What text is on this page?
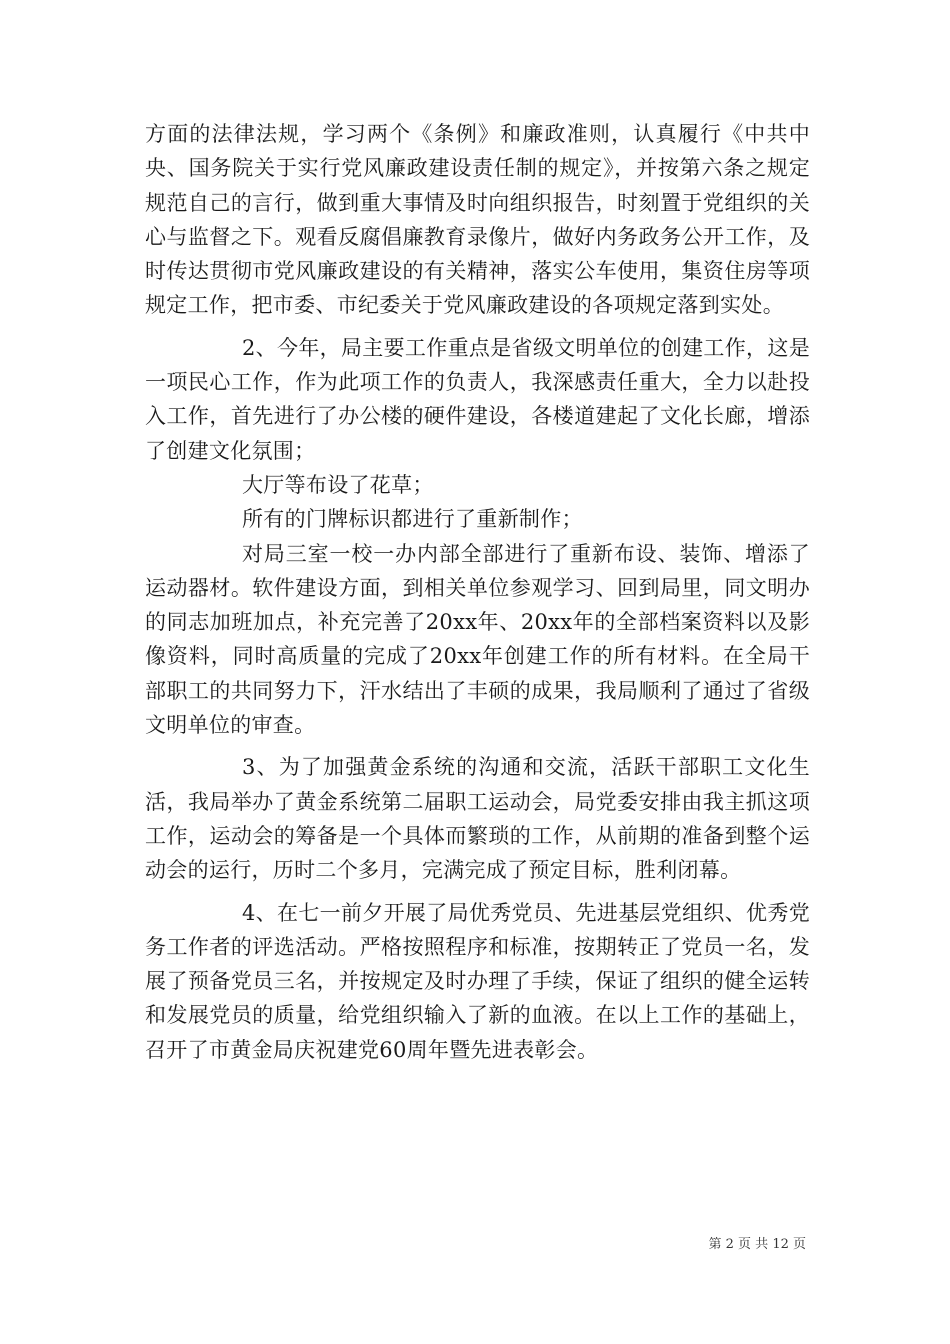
方面的法律法规，学习两个《条例》和廉政准则，认真履行《中共中央、国务院关于实行党风廉政建设责任制的规定》，并按第六条之规定规范自己的言行，做到重大事情及时向组织报告，时刻置于党组织的关心与监督之下。观看反腐倡廉教育录像片，做好内务政务公开工作，及时传达贯彻市党风廉政建设的有关精神，落实公车使用，集资住房等项规定工作，把市委、市纪委关于党风廉政建设的各项规定落到实处。

2、今年，局主要工作重点是省级文明单位的创建工作，这是一项民心工作，作为此项工作的负责人，我深感责任重大，全力以赴投入工作，首先进行了办公楼的硬件建设，各楼道建起了文化长廊，增添了创建文化氛围；

大厅等布设了花草；

所有的门牌标识都进行了重新制作；

对局三室一校一办内部全部进行了重新布设、装饰、增添了运动器材。软件建设方面，到相关单位参观学习、回到局里，同文明办的同志加班加点，补充完善了20xx年、20xx年的全部档案资料以及影像资料，同时高质量的完成了20xx年创建工作的所有材料。在全局干部职工的共同努力下，汗水结出了丰硕的成果，我局顺利了通过了省级文明单位的审查。

3、为了加强黄金系统的沟通和交流，活跃干部职工文化生活，我局举办了黄金系统第二届职工运动会，局党委安排由我主抓这项工作，运动会的筹备是一个具体而繁琐的工作，从前期的准备到整个运动会的运行，历时二个多月，完满完成了预定目标，胜利闭幕。

4、在七一前夕开展了局优秀党员、先进基层党组织、优秀党务工作者的评选活动。严格按照程序和标准，按期转正了党员一名，发展了预备党员三名，并按规定及时办理了手续，保证了组织的健全运转和发展党员的质量，给党组织输入了新的血液。在以上工作的基础上，召开了市黄金局庆祝建党60周年暨先进表彰会。

第 2 页 共 12 页
